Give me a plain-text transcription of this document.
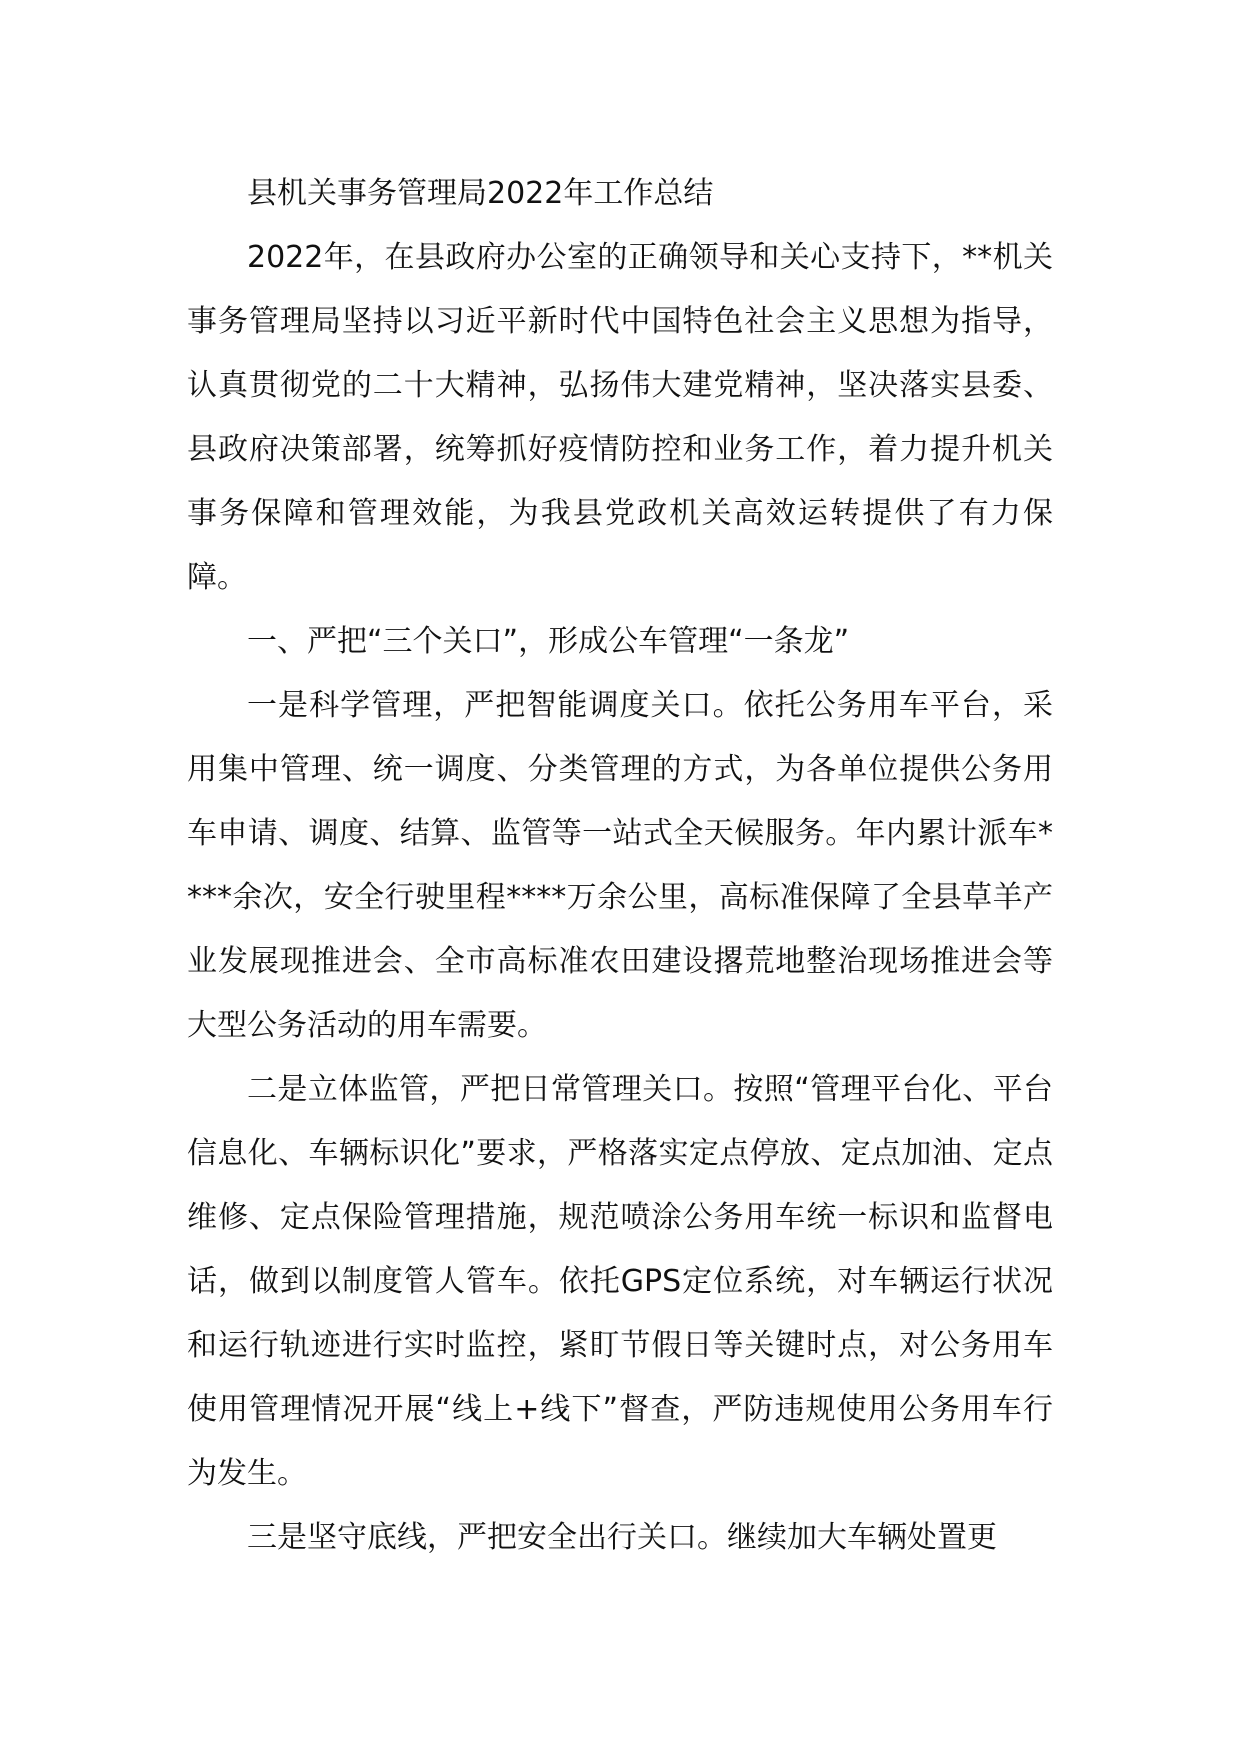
县机关事务管理局2022年工作总结

2022年，在县政府办公室的正确领导和关心支持下，**机关事务管理局坚持以习近平新时代中国特色社会主义思想为指导，认真贯彻党的二十大精神，弘扬伟大建党精神，坚决落实县委、县政府决策部署，统筹抓好疫情防控和业务工作，着力提升机关事务保障和管理效能，为我县党政机关高效运转提供了有力保障。

一、严把“三个关口”，形成公车管理“一条龙”

一是科学管理，严把智能调度关口。依托公务用车平台，采用集中管理、统一调度、分类管理的方式，为各单位提供公务用车申请、调度、结算、监管等一站式全天候服务。年内累计派车****余次，安全行驶里程****万余公里，高标准保障了全县草羊产业发展现推进会、全市高标准农田建设撂荒地整治现场推进会等大型公务活动的用车需要。

二是立体监管，严把日常管理关口。按照“管理平台化、平台信息化、车辆标识化”要求，严格落实定点停放、定点加油、定点维修、定点保险管理措施，规范喷涂公务用车统一标识和监督电话，做到以制度管人管车。依托GPS定位系统，对车辆运行状况和运行轨迹进行实时监控，紧盯节假日等关键时点，对公务用车使用管理情况开展“线上+线下”督查，严防违规使用公务用车行为发生。

三是坚守底线，严把安全出行关口。继续加大车辆处置更
